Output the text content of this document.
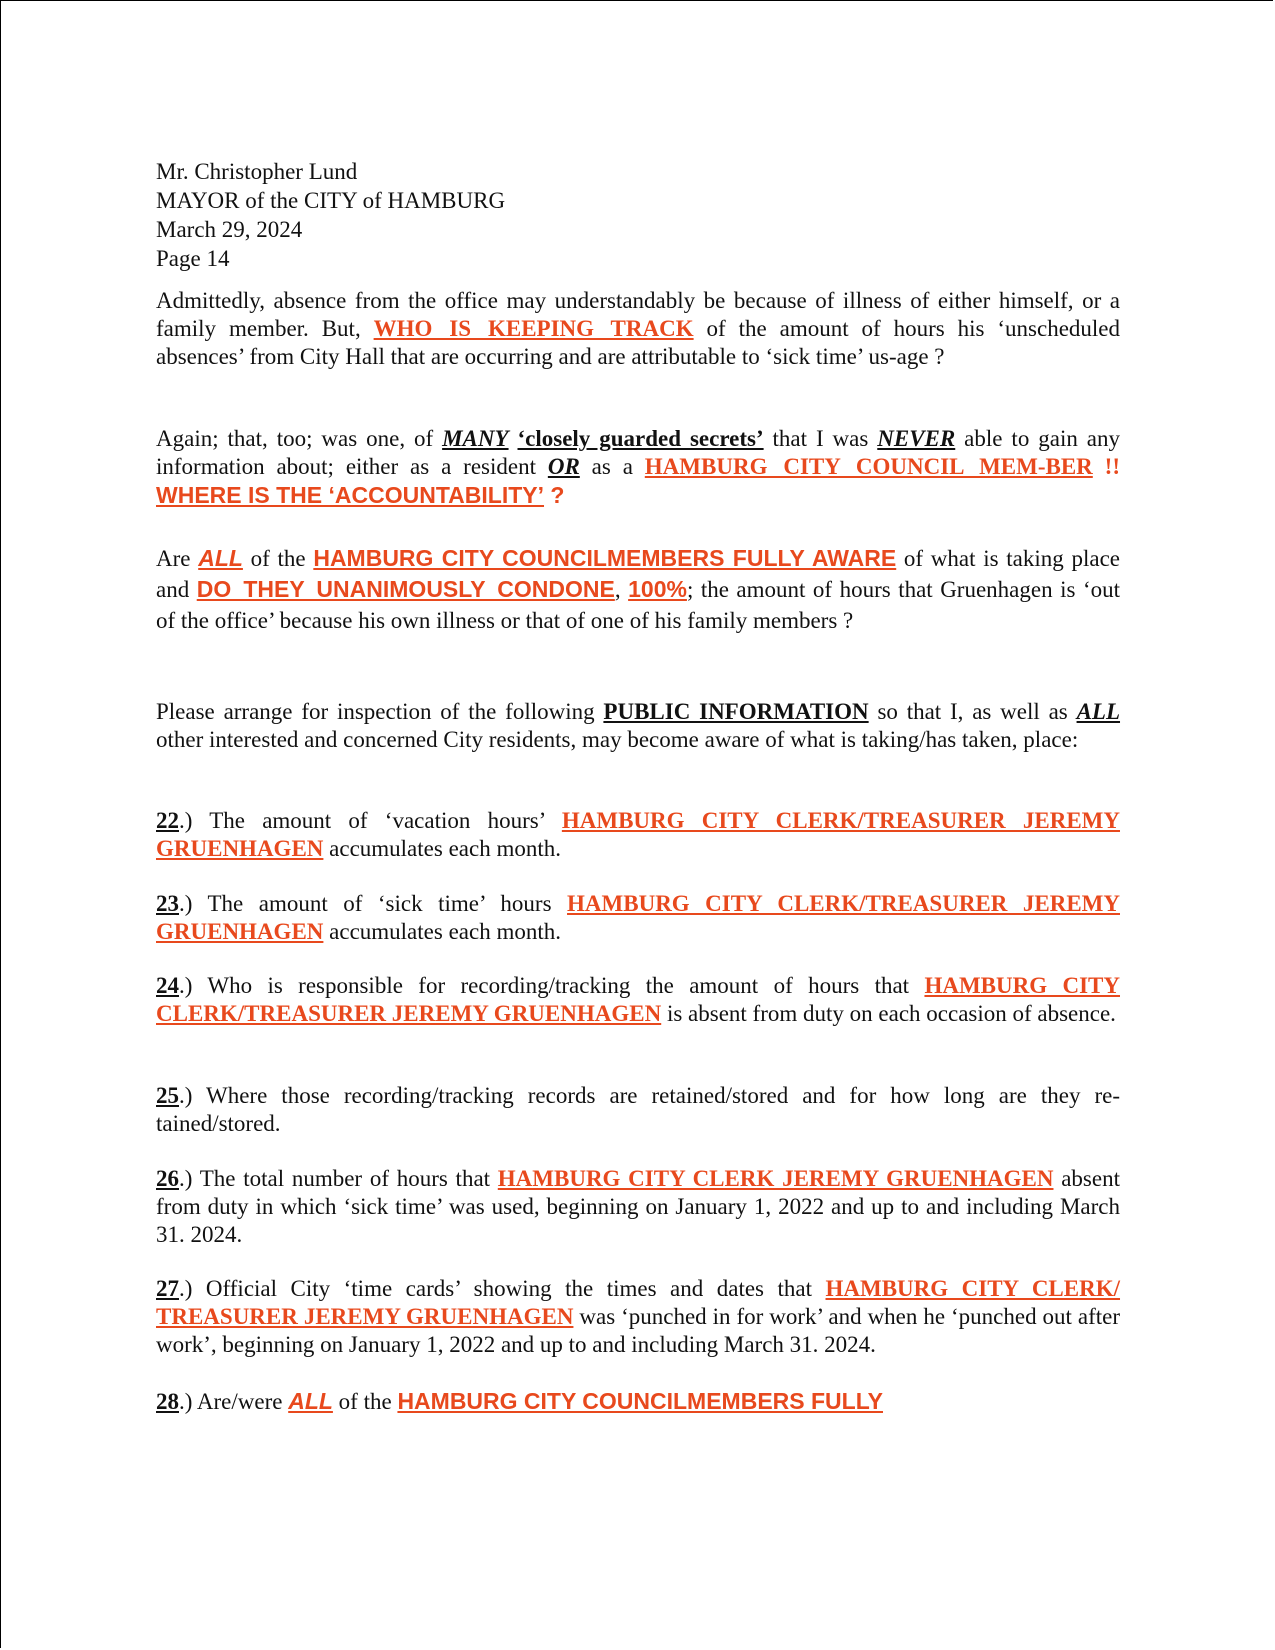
Mr. Christopher Lund
MAYOR of the CITY of HAMBURG
March 29, 2024
Page 14
Admittedly, absence from the office may understandably be because of illness of either himself, or a family member. But, WHO IS KEEPING TRACK of the amount of hours his ‘unscheduled absences’ from City Hall that are occurring and are attributable to ‘sick time’ us-age ?
Again; that, too; was one, of MANY ‘closely guarded secrets’ that I was NEVER able to gain any information about; either as a resident OR as a HAMBURG CITY COUNCIL MEM-BER !! WHERE IS THE ‘ACCOUNTABILITY’ ?
Are ALL of the HAMBURG CITY COUNCILMEMBERS FULLY AWARE of what is taking place and DO THEY UNANIMOUSLY CONDONE, 100%; the amount of hours that Gruenhagen is ‘out of the office’ because his own illness or that of one of his family members ?
Please arrange for inspection of the following PUBLIC INFORMATION so that I, as well as ALL other interested and concerned City residents, may become aware of what is taking/has taken, place:
22.) The amount of ‘vacation hours’ HAMBURG CITY CLERK/TREASURER JEREMY GRUENHAGEN accumulates each month.
23.) The amount of ‘sick time’ hours HAMBURG CITY CLERK/TREASURER JEREMY GRUENHAGEN accumulates each month.
24.) Who is responsible for recording/tracking the amount of hours that HAMBURG CITY CLERK/TREASURER JEREMY GRUENHAGEN is absent from duty on each occasion of absence.
25.) Where those recording/tracking records are retained/stored and for how long are they re-tained/stored.
26.) The total number of hours that HAMBURG CITY CLERK JEREMY GRUENHAGEN absent from duty in which ‘sick time’ was used, beginning on January 1, 2022 and up to and including March 31. 2024.
27.) Official City ‘time cards’ showing the times and dates that HAMBURG CITY CLERK/ TREASURER JEREMY GRUENHAGEN was ‘punched in for work’ and when he ‘punched out after work’, beginning on January 1, 2022 and up to and including March 31. 2024.
28.) Are/were ALL of the HAMBURG CITY COUNCILMEMBERS FULLY
